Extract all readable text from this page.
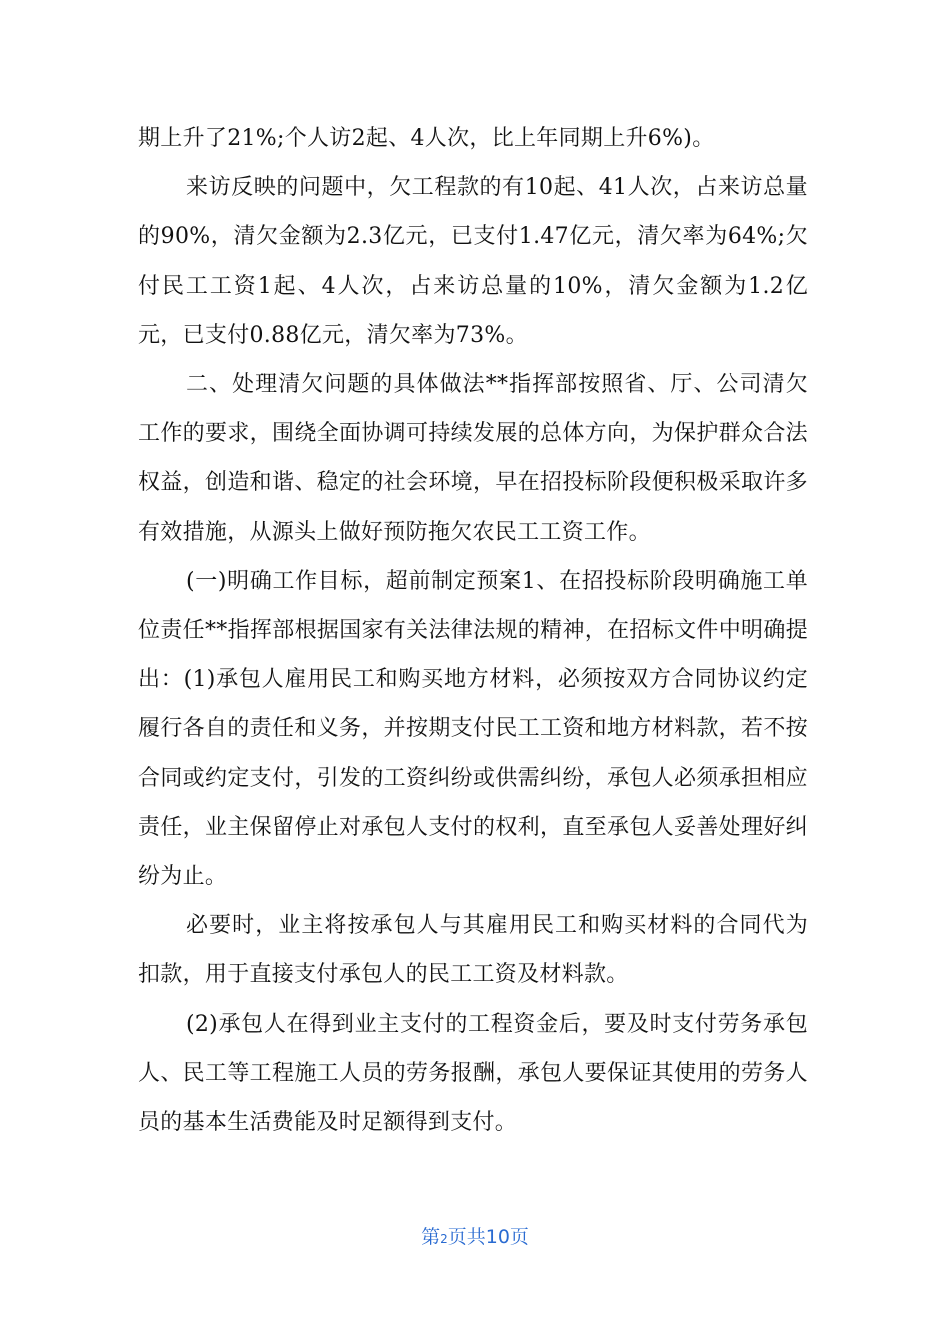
期上升了21%;个人访2起、4人次，比上年同期上升6%)。

来访反映的问题中，欠工程款的有10起、41人次，占来访总量的90%，清欠金额为2.3亿元，已支付1.47亿元，清欠率为64%;欠付民工工资1起、4人次，占来访总量的10%，清欠金额为1.2亿元，已支付0.88亿元，清欠率为73%。

二、处理清欠问题的具体做法**指挥部按照省、厅、公司清欠工作的要求，围绕全面协调可持续发展的总体方向，为保护群众合法权益，创造和谐、稳定的社会环境，早在招投标阶段便积极采取许多有效措施，从源头上做好预防拖欠农民工工资工作。

(一)明确工作目标，超前制定预案1、在招投标阶段明确施工单位责任**指挥部根据国家有关法律法规的精神，在招标文件中明确提出：(1)承包人雇用民工和购买地方材料，必须按双方合同协议约定履行各自的责任和义务，并按期支付民工工资和地方材料款，若不按合同或约定支付，引发的工资纠纷或供需纠纷，承包人必须承担相应责任，业主保留停止对承包人支付的权利，直至承包人妥善处理好纠纷为止。

必要时，业主将按承包人与其雇用民工和购买材料的合同代为扣款，用于直接支付承包人的民工工资及材料款。

(2)承包人在得到业主支付的工程资金后，要及时支付劳务承包人、民工等工程施工人员的劳务报酬，承包人要保证其使用的劳务人员的基本生活费能及时足额得到支付。

第2页共10页
